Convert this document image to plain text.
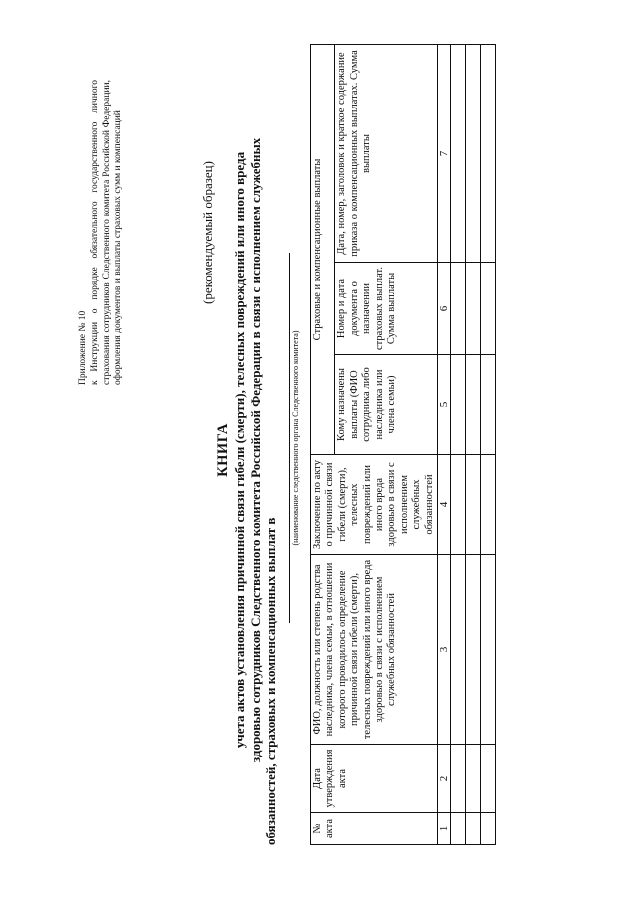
Приложение № 10 к Инструкции о порядке обязательного государственного личного страхования сотрудников Следственного комитета Российской Федерации, оформления документов и выплаты страховых сумм и компенсаций	(рекомендуемый образец)
КНИГА учета актов установления причинной связи гибели (смерти), телесных повреждений или иного вреда здоровью сотрудников Следственного комитета Российской Федерации в связи с исполнением служебных обязанностей, страховых и компенсационных выплат в
(наименование следственного органа Следственного комитета)
№ акта	Дата утверждения акта	ФИО, должность или степень родства наследника, члена семьи, в отношении которого проводилось определение причинной связи гибели (смерти), телесных повреждений или иного вреда здоровью в связи с исполнением служебных обязанностей	Заключение по акту о причинной связи гибели (смерти), телесных повреждений или иного вреда здоровью в связи с исполнением служебных обязанностей	Страховые и компенсационные выплаты		
				Кому назначены выплаты (ФИО сотрудника либо наследника или члена семьи)	Номер и дата документа о назначении страховых выплат. Сумма выплаты	Дата, номер, заголовок и краткое содержание приказа о компенсационных выплатах. Сумма выплаты
1	2	3	4	5	6	7
